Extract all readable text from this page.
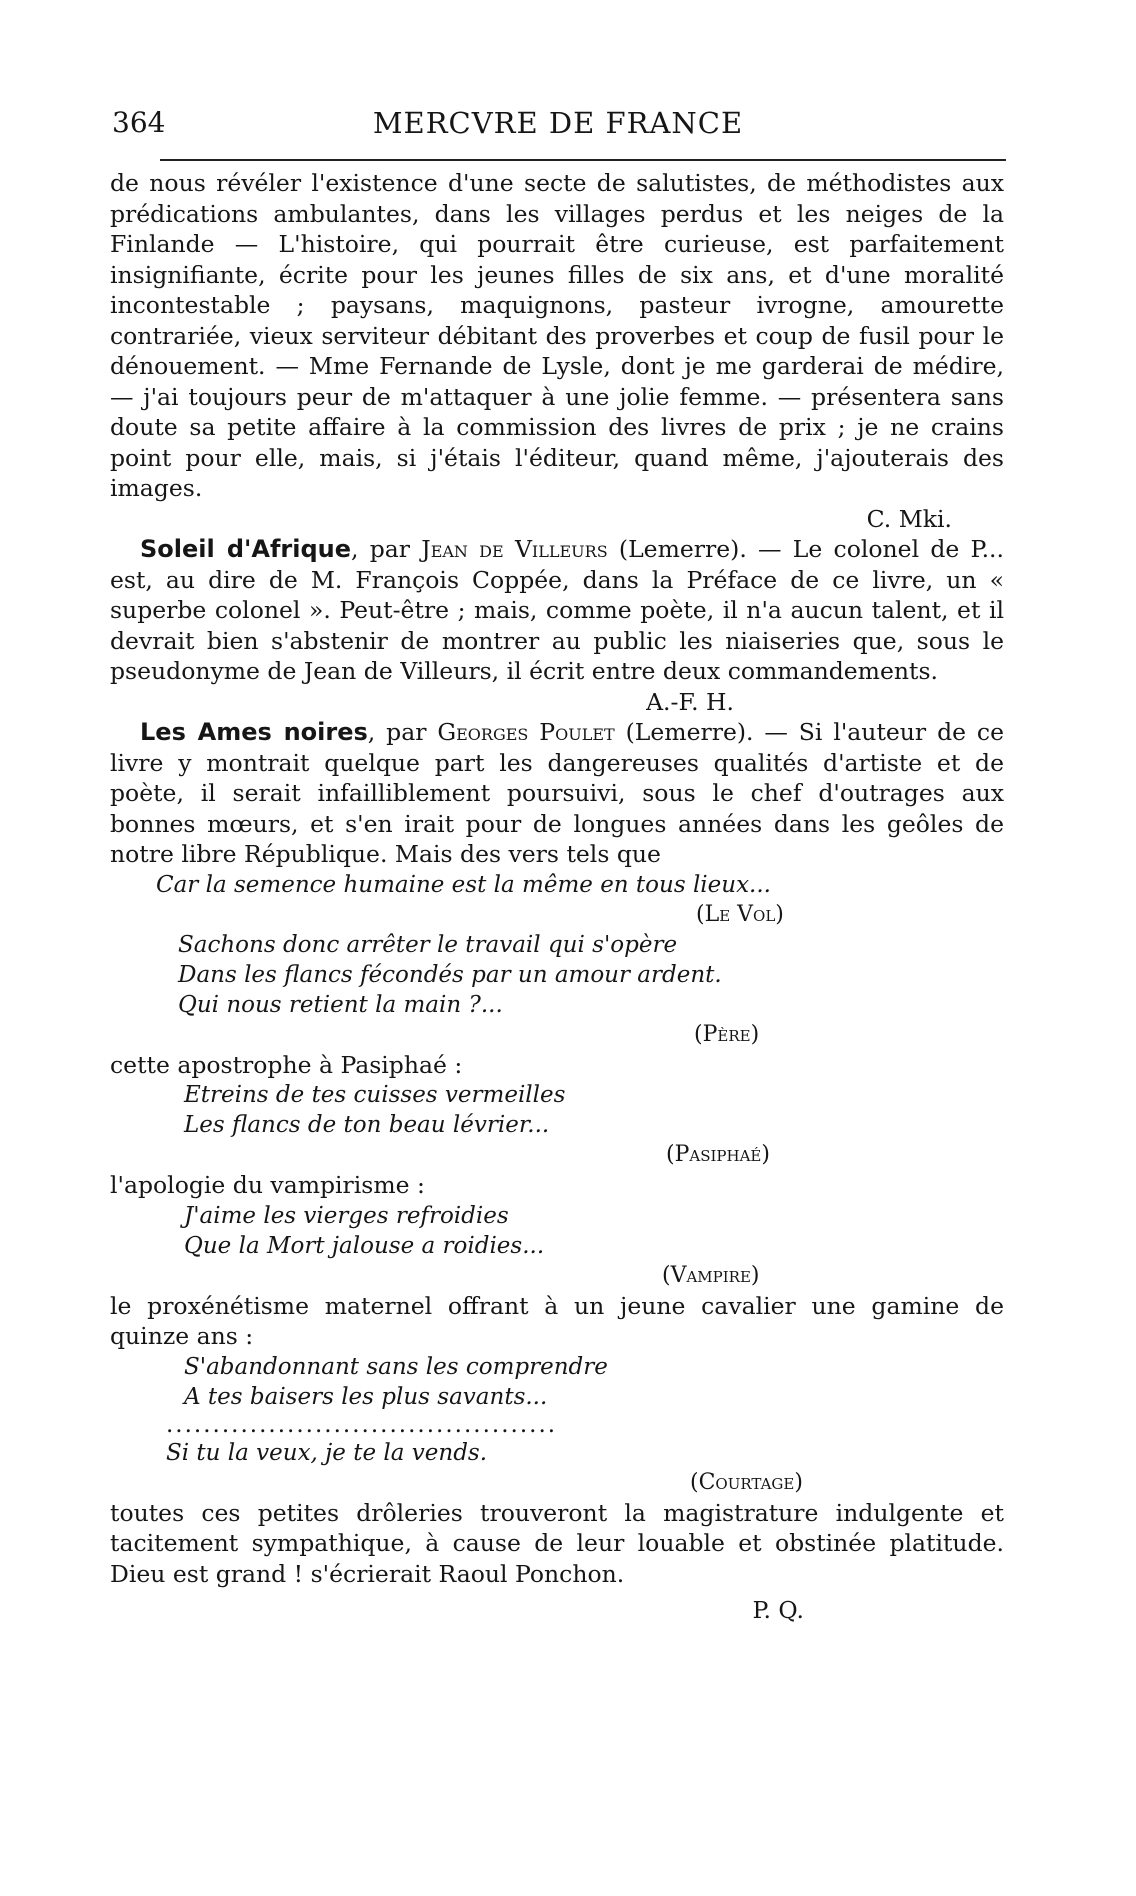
364	MERCVRE DE FRANCE

de nous révéler l'existence d'une secte de salutistes, de méthodistes aux prédications ambulantes, dans les villages perdus et les neiges de la Finlande — L'histoire, qui pourrait être curieuse, est parfaitement insignifiante, écrite pour les jeunes filles de six ans, et d'une moralité incontestable ; paysans, maquignons, pasteur ivrogne, amourette contrariée, vieux serviteur débitant des proverbes et coup de fusil pour le dénouement. — Mme Fernande de Lysle, dont je me garderai de médire, — j'ai toujours peur de m'attaquer à une jolie femme. — présentera sans doute sa petite affaire à la commission des livres de prix ; je ne crains point pour elle, mais, si j'étais l'éditeur, quand même, j'ajouterais des images.

C. Mki.

Soleil d'Afrique, par Jean de Villeurs (Lemerre). — Le colonel de P... est, au dire de M. François Coppée, dans la Préface de ce livre, un « superbe colonel ». Peut-être ; mais, comme poète, il n'a aucun talent, et il devrait bien s'abstenir de montrer au public les niaiseries que, sous le pseudonyme de Jean de Villeurs, il écrit entre deux commandements.

A.-F. H.

Les Ames noires, par Georges Poulet (Lemerre). — Si l'auteur de ce livre y montrait quelque part les dangereuses qualités d'artiste et de poète, il serait infailliblement poursuivi, sous le chef d'outrages aux bonnes mœurs, et s'en irait pour de longues années dans les geôles de notre libre République. Mais des vers tels que

Car la semence humaine est la même en tous lieux...

(Le Vol)

Sachons donc arrêter le travail qui s'opère

Dans les flancs fécondés par un amour ardent.

Qui nous retient la main ?...

(Père)

cette apostrophe à Pasiphaé :

Etreins de tes cuisses vermeilles

Les flancs de ton beau lévrier...

(Pasiphaé)

l'apologie du vampirisme :

J'aime les vierges refroidies

Que la Mort jalouse a roidies...

(Vampire)

le proxénétisme maternel offrant à un jeune cavalier une gamine de quinze ans :

S'abandonnant sans les comprendre

A tes baisers les plus savants...

..........................................

Si tu la veux, je te la vends.

(Courtage)

toutes ces petites drôleries trouveront la magistrature indulgente et tacitement sympathique, à cause de leur louable et obstinée platitude. Dieu est grand ! s'écrierait Raoul Ponchon.

P. Q.
